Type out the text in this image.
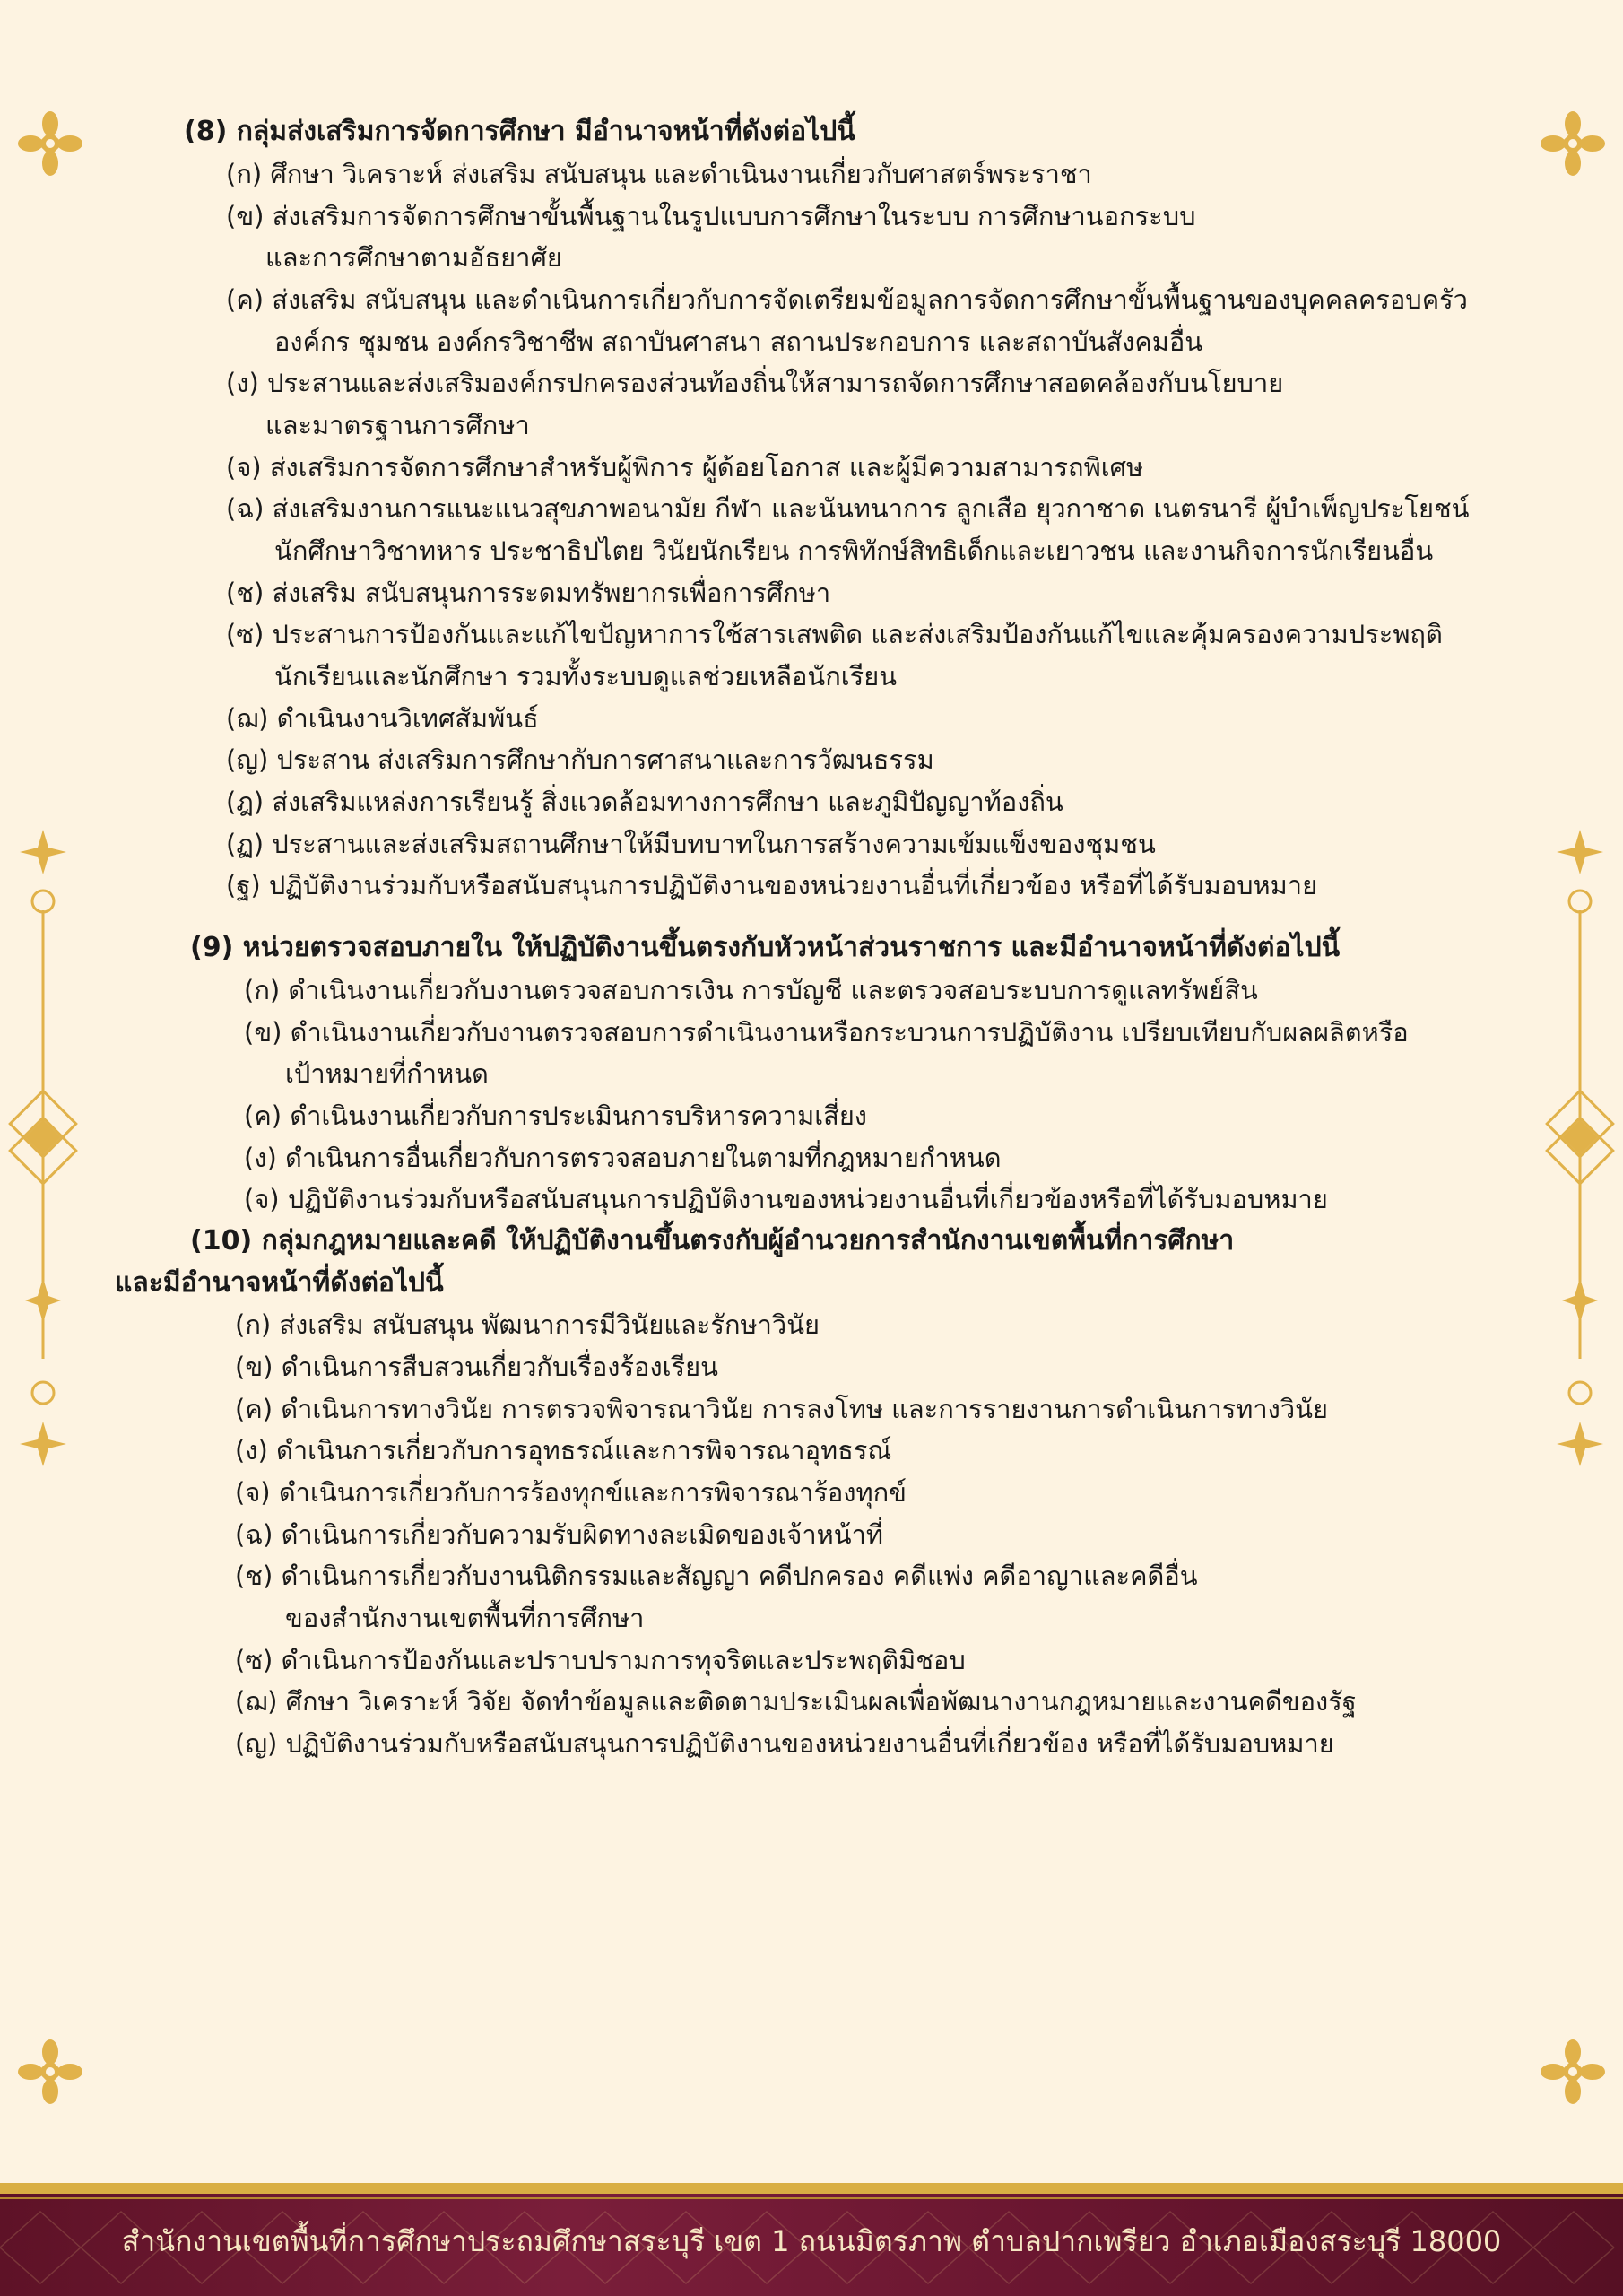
(8) กลุ่มส่งเสริมการจัดการศึกษา มีอำนาจหน้าที่ดังต่อไปนี้
(ก) ศึกษา วิเคราะห์ ส่งเสริม สนับสนุน และดำเนินงานเกี่ยวกับศาสตร์พระราชา
(ข) ส่งเสริมการจัดการศึกษาขั้นพื้นฐานในรูปแบบการศึกษาในระบบ การศึกษานอกระบบ
และการศึกษาตามอัธยาศัย
(ค) ส่งเสริม สนับสนุน และดำเนินการเกี่ยวกับการจัดเตรียมข้อมูลการจัดการศึกษาขั้นพื้นฐานของบุคคลครอบครัว
องค์กร ชุมชน องค์กรวิชาชีพ สถาบันศาสนา สถานประกอบการ และสถาบันสังคมอื่น
(ง) ประสานและส่งเสริมองค์กรปกครองส่วนท้องถิ่นให้สามารถจัดการศึกษาสอดคล้องกับนโยบาย
และมาตรฐานการศึกษา
(จ) ส่งเสริมการจัดการศึกษาสำหรับผู้พิการ ผู้ด้อยโอกาส และผู้มีความสามารถพิเศษ
(ฉ) ส่งเสริมงานการแนะแนวสุขภาพอนามัย กีฬา และนันทนาการ ลูกเสือ ยุวกาชาด เนตรนารี ผู้บำเพ็ญประโยชน์
นักศึกษาวิชาทหาร ประชาธิปไตย วินัยนักเรียน การพิทักษ์สิทธิเด็กและเยาวชน และงานกิจการนักเรียนอื่น
(ช) ส่งเสริม สนับสนุนการระดมทรัพยากรเพื่อการศึกษา
(ซ) ประสานการป้องกันและแก้ไขปัญหาการใช้สารเสพติด และส่งเสริมป้องกันแก้ไขและคุ้มครองความประพฤติ
นักเรียนและนักศึกษา รวมทั้งระบบดูแลช่วยเหลือนักเรียน
(ฌ) ดำเนินงานวิเทศสัมพันธ์
(ญ) ประสาน ส่งเสริมการศึกษากับการศาสนาและการวัฒนธรรม
(ฎ) ส่งเสริมแหล่งการเรียนรู้ สิ่งแวดล้อมทางการศึกษา และภูมิปัญญาท้องถิ่น
(ฏ) ประสานและส่งเสริมสถานศึกษาให้มีบทบาทในการสร้างความเข้มแข็งของชุมชน
(ฐ) ปฏิบัติงานร่วมกับหรือสนับสนุนการปฏิบัติงานของหน่วยงานอื่นที่เกี่ยวข้อง หรือที่ได้รับมอบหมาย
(9) หน่วยตรวจสอบภายใน ให้ปฏิบัติงานขึ้นตรงกับหัวหน้าส่วนราชการ และมีอำนาจหน้าที่ดังต่อไปนี้
(ก) ดำเนินงานเกี่ยวกับงานตรวจสอบการเงิน การบัญชี และตรวจสอบระบบการดูแลทรัพย์สิน
(ข) ดำเนินงานเกี่ยวกับงานตรวจสอบการดำเนินงานหรือกระบวนการปฏิบัติงาน เปรียบเทียบกับผลผลิตหรือ
เป้าหมายที่กำหนด
(ค) ดำเนินงานเกี่ยวกับการประเมินการบริหารความเสี่ยง
(ง) ดำเนินการอื่นเกี่ยวกับการตรวจสอบภายในตามที่กฎหมายกำหนด
(จ) ปฏิบัติงานร่วมกับหรือสนับสนุนการปฏิบัติงานของหน่วยงานอื่นที่เกี่ยวข้องหรือที่ได้รับมอบหมาย
(10) กลุ่มกฎหมายและคดี ให้ปฏิบัติงานขึ้นตรงกับผู้อำนวยการสำนักงานเขตพื้นที่การศึกษา
และมีอำนาจหน้าที่ดังต่อไปนี้
(ก) ส่งเสริม สนับสนุน พัฒนาการมีวินัยและรักษาวินัย
(ข) ดำเนินการสืบสวนเกี่ยวกับเรื่องร้องเรียน
(ค) ดำเนินการทางวินัย การตรวจพิจารณาวินัย การลงโทษ และการรายงานการดำเนินการทางวินัย
(ง) ดำเนินการเกี่ยวกับการอุทธรณ์และการพิจารณาอุทธรณ์
(จ) ดำเนินการเกี่ยวกับการร้องทุกข์และการพิจารณาร้องทุกข์
(ฉ) ดำเนินการเกี่ยวกับความรับผิดทางละเมิดของเจ้าหน้าที่
(ช) ดำเนินการเกี่ยวกับงานนิติกรรมและสัญญา คดีปกครอง คดีแพ่ง คดีอาญาและคดีอื่น
ของสำนักงานเขตพื้นที่การศึกษา
(ซ) ดำเนินการป้องกันและปราบปรามการทุจริตและประพฤติมิชอบ
(ฌ) ศึกษา วิเคราะห์ วิจัย จัดทำข้อมูลและติดตามประเมินผลเพื่อพัฒนางานกฎหมายและงานคดีของรัฐ
(ญ) ปฏิบัติงานร่วมกับหรือสนับสนุนการปฏิบัติงานของหน่วยงานอื่นที่เกี่ยวข้อง หรือที่ได้รับมอบหมาย
สำนักงานเขตพื้นที่การศึกษาประถมศึกษาสระบุรี เขต 1 ถนนมิตรภาพ ตำบลปากเพรียว อำเภอเมืองสระบุรี 18000
